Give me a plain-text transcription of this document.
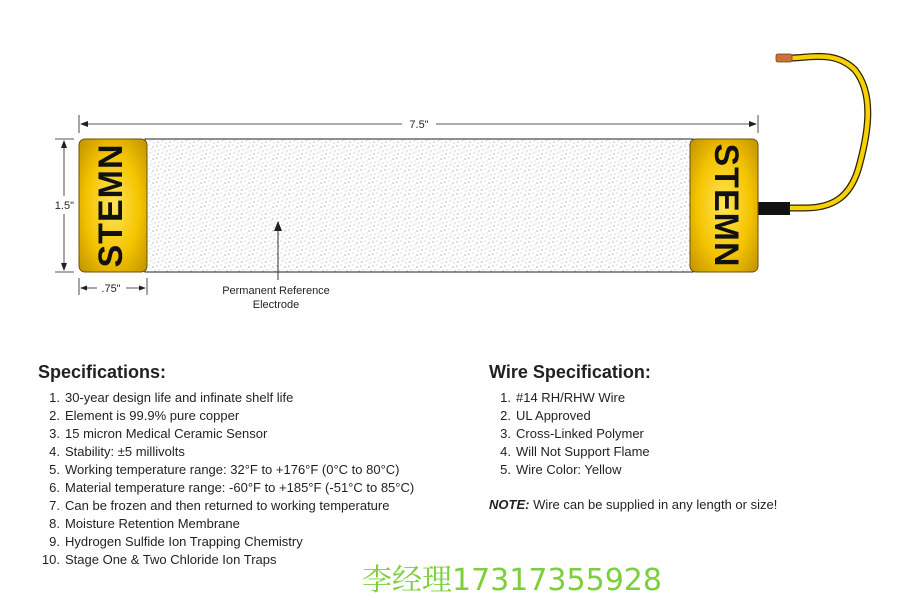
STEMN	STEMN
7.5"
1.5"
.75"	Permanent Reference
Electrode
Specifications:
1. 30-year design life and infinate shelf life
2. Element is 99.9% pure copper
3. 15 micron Medical Ceramic Sensor
4. Stability: ±5 millivolts
5. Working temperature range: 32°F to +176°F (0°C to 80°C)
6. Material temperature range: -60°F to +185°F (-51°C to 85°C)
7. Can be frozen and then returned to working temperature
8. Moisture Retention Membrane
9. Hydrogen Sulfide Ion Trapping Chemistry
10. Stage One & Two Chloride Ion Traps
Wire Specification:
1. #14 RH/RHW Wire
2. UL Approved
3. Cross-Linked Polymer
4. Will Not Support Flame
5. Wire Color: Yellow
NOTE: Wire can be supplied in any length or size!
李经理17317355928
